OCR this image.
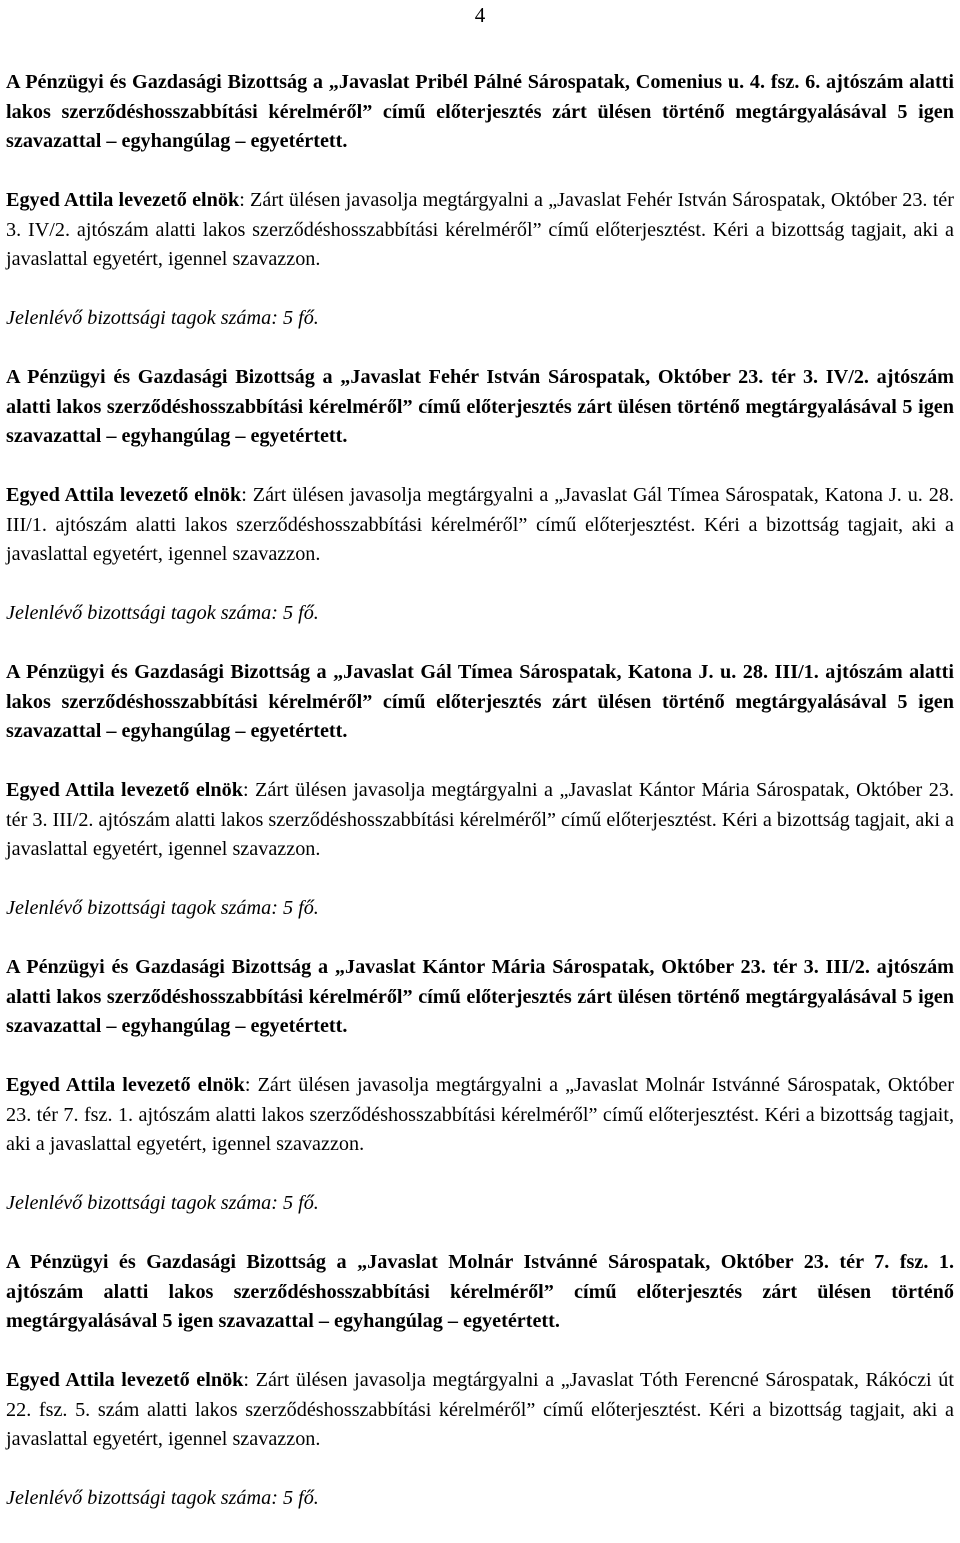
4

A Pénzügyi és Gazdasági Bizottság a „Javaslat Pribél Pálné Sárospatak, Comenius u. 4. fsz. 6. ajtószám alatti lakos szerződéshosszabbítási kérelméről” című előterjesztés zárt ülésen történő megtárgyalásával 5 igen szavazattal – egyhangúlag – egyetértett.

Egyed Attila levezető elnök: Zárt ülésen javasolja megtárgyalni a „Javaslat Fehér István Sárospatak, Október 23. tér 3. IV/2. ajtószám alatti lakos szerződéshosszabbítási kérelméről” című előterjesztést. Kéri a bizottság tagjait, aki a javaslattal egyetért, igennel szavazzon.

Jelenlévő bizottsági tagok száma: 5 fő.

A Pénzügyi és Gazdasági Bizottság a „Javaslat Fehér István Sárospatak, Október 23. tér 3. IV/2. ajtószám alatti lakos szerződéshosszabbítási kérelméről” című előterjesztés zárt ülésen történő megtárgyalásával 5 igen szavazattal – egyhangúlag – egyetértett.

Egyed Attila levezető elnök: Zárt ülésen javasolja megtárgyalni a „Javaslat Gál Tímea Sárospatak, Katona J. u. 28. III/1. ajtószám alatti lakos szerződéshosszabbítási kérelméről” című előterjesztést. Kéri a bizottság tagjait, aki a javaslattal egyetért, igennel szavazzon.

Jelenlévő bizottsági tagok száma: 5 fő.

A Pénzügyi és Gazdasági Bizottság a „Javaslat Gál Tímea Sárospatak, Katona J. u. 28. III/1. ajtószám alatti lakos szerződéshosszabbítási kérelméről” című előterjesztés zárt ülésen történő megtárgyalásával 5 igen szavazattal – egyhangúlag – egyetértett.

Egyed Attila levezető elnök: Zárt ülésen javasolja megtárgyalni a „Javaslat Kántor Mária Sárospatak, Október 23. tér 3. III/2. ajtószám alatti lakos szerződéshosszabbítási kérelméről” című előterjesztést. Kéri a bizottság tagjait, aki a javaslattal egyetért, igennel szavazzon.

Jelenlévő bizottsági tagok száma: 5 fő.

A Pénzügyi és Gazdasági Bizottság a „Javaslat Kántor Mária Sárospatak, Október 23. tér 3. III/2. ajtószám alatti lakos szerződéshosszabbítási kérelméről” című előterjesztés zárt ülésen történő megtárgyalásával 5 igen szavazattal – egyhangúlag – egyetértett.

Egyed Attila levezető elnök: Zárt ülésen javasolja megtárgyalni a „Javaslat Molnár Istvánné Sárospatak, Október 23. tér 7. fsz. 1. ajtószám alatti lakos szerződéshosszabbítási kérelméről” című előterjesztést. Kéri a bizottság tagjait, aki a javaslattal egyetért, igennel szavazzon.

Jelenlévő bizottsági tagok száma: 5 fő.

A Pénzügyi és Gazdasági Bizottság a „Javaslat Molnár Istvánné Sárospatak, Október 23. tér 7. fsz. 1. ajtószám alatti lakos szerződéshosszabbítási kérelméről” című előterjesztés zárt ülésen történő megtárgyalásával 5 igen szavazattal – egyhangúlag – egyetértett.

Egyed Attila levezető elnök: Zárt ülésen javasolja megtárgyalni a „Javaslat Tóth Ferencné Sárospatak, Rákóczi út 22. fsz. 5. szám alatti lakos szerződéshosszabbítási kérelméről” című előterjesztést. Kéri a bizottság tagjait, aki a javaslattal egyetért, igennel szavazzon.

Jelenlévő bizottsági tagok száma: 5 fő.
